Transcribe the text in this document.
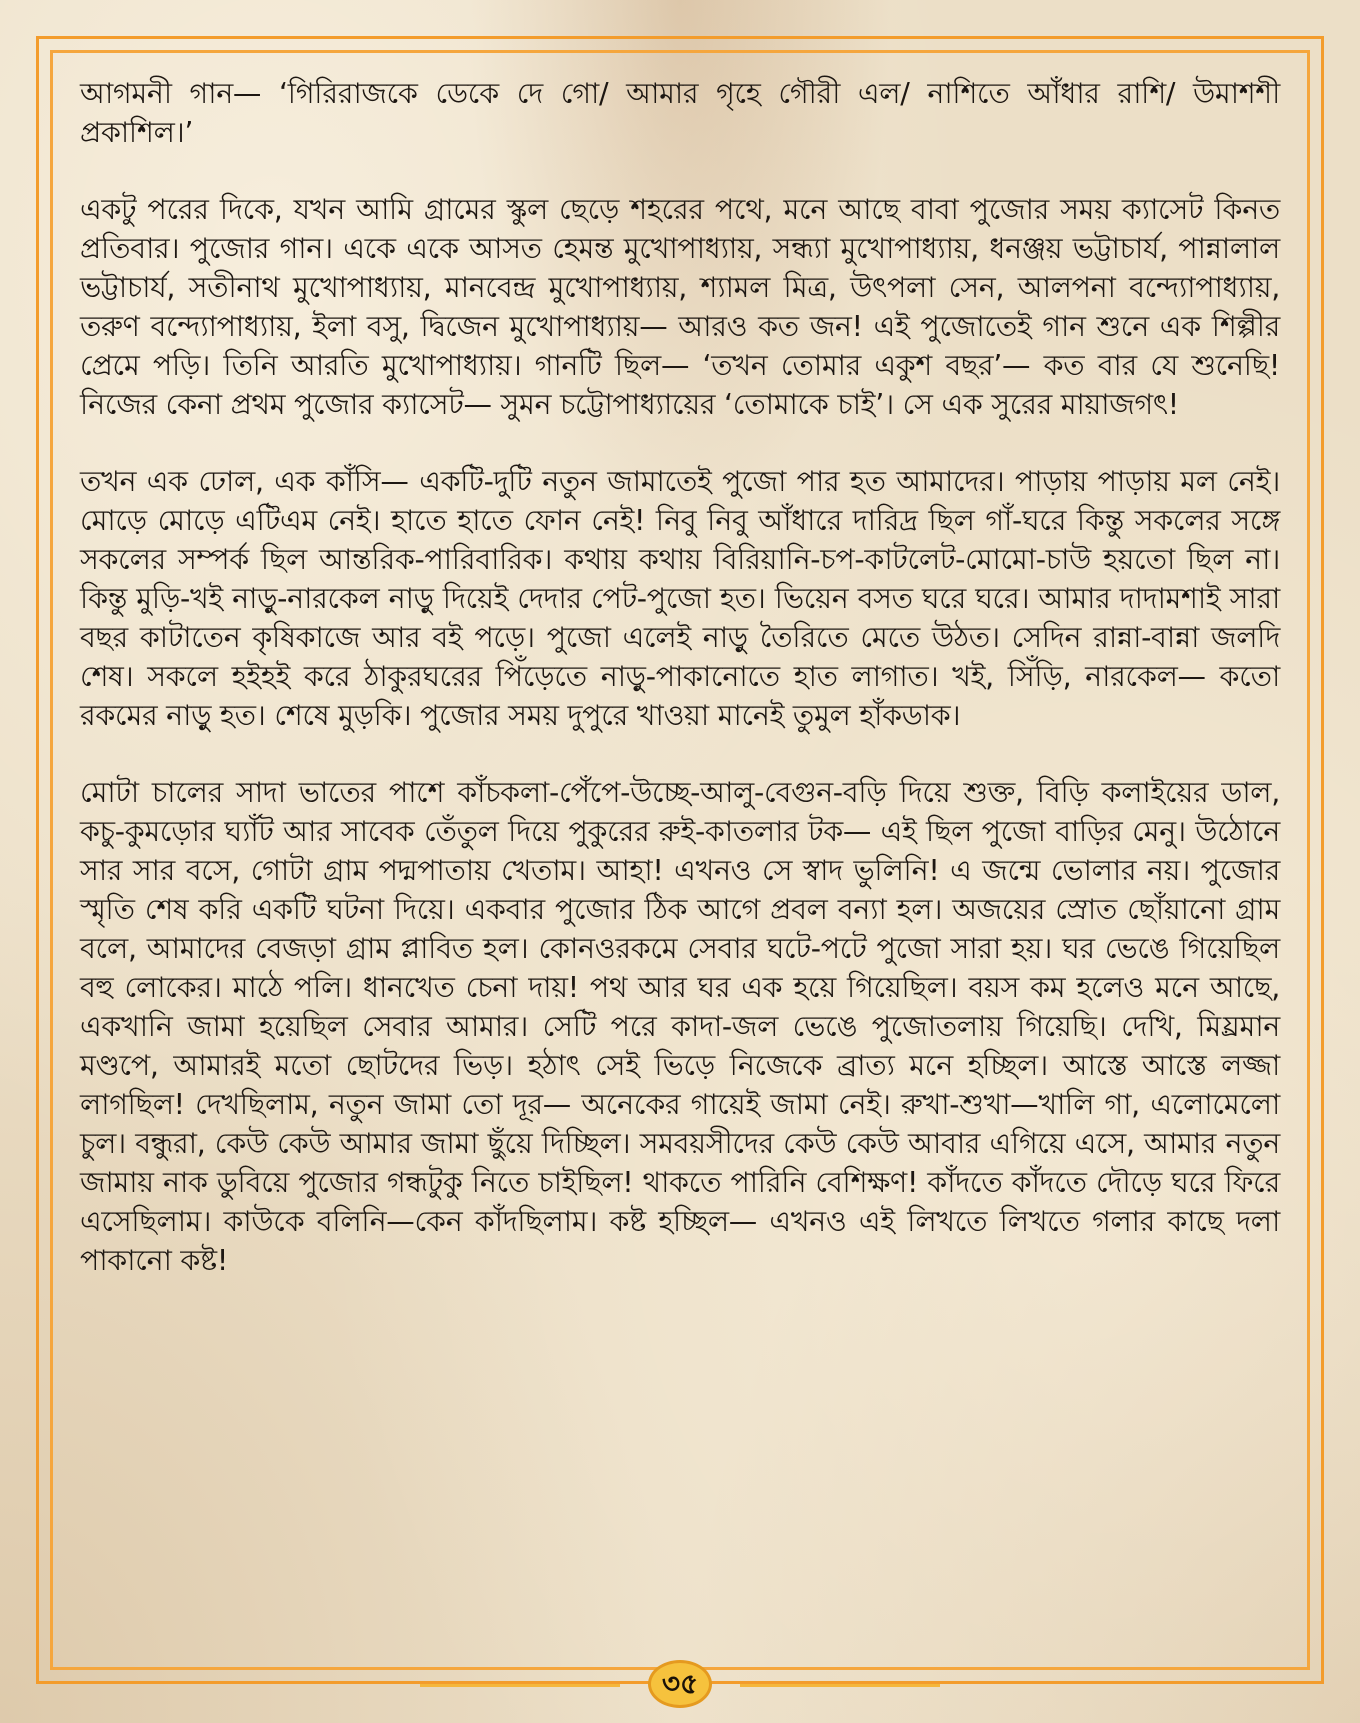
আগমনী গান— ‘গিরিরাজকে ডেকে দে গো/ আমার গৃহে গৌরী এল/ নাশিতে আঁধার রাশি/ উমাশশী প্রকাশিল।’

একটু পরের দিকে, যখন আমি গ্রামের স্কুল ছেড়ে শহরের পথে, মনে আছে বাবা পুজোর সময় ক্যাসেট কিনত প্রতিবার। পুজোর গান। একে একে আসত হেমন্ত মুখোপাধ্যায়, সন্ধ্যা মুখোপাধ্যায়, ধনঞ্জয় ভট্টাচার্য, পান্নালাল ভট্টাচার্য, সতীনাথ মুখোপাধ্যায়, মানবেন্দ্র মুখোপাধ্যায়, শ্যামল মিত্র, উৎপলা সেন, আলপনা বন্দ্যোপাধ্যায়, তরুণ বন্দ্যোপাধ্যায়, ইলা বসু, দ্বিজেন মুখোপাধ্যায়— আরও কত জন! এই পুজোতেই গান শুনে এক শিল্পীর প্রেমে পড়ি। তিনি আরতি মুখোপাধ্যায়। গানটি ছিল— ‘তখন তোমার একুশ বছর’— কত বার যে শুনেছি! নিজের কেনা প্রথম পুজোর ক্যাসেট— সুমন চট্টোপাধ্যায়ের ‘তোমাকে চাই’। সে এক সুরের মায়াজগৎ!

তখন এক ঢোল, এক কাঁসি— একটি-দুটি নতুন জামাতেই পুজো পার হত আমাদের। পাড়ায় পাড়ায় মল নেই। মোড়ে মোড়ে এটিএম নেই। হাতে হাতে ফোন নেই! নিবু নিবু আঁধারে দারিদ্র ছিল গাঁ-ঘরে কিন্তু সকলের সঙ্গে সকলের সম্পর্ক ছিল আন্তরিক-পারিবারিক। কথায় কথায় বিরিয়ানি-চপ-কাটলেট-মোমো-চাউ হয়তো ছিল না। কিন্তু মুড়ি-খই নাড়ু-নারকেল নাড়ু দিয়েই দেদার পেট-পুজো হত। ভিয়েন বসত ঘরে ঘরে। আমার দাদামশাই সারা বছর কাটাতেন কৃষিকাজে আর বই পড়ে। পুজো এলেই নাড়ু তৈরিতে মেতে উঠত। সেদিন রান্না-বান্না জলদি শেষ। সকলে হইহই করে ঠাকুরঘরের পিঁড়েতে নাড়ু-পাকানোতে হাত লাগাত। খই, সিঁড়ি, নারকেল— কতো রকমের নাড়ু হত। শেষে মুড়কি। পুজোর সময় দুপুরে খাওয়া মানেই তুমুল হাঁকডাক।

মোটা চালের সাদা ভাতের পাশে কাঁচকলা-পেঁপে-উচ্ছে-আলু-বেগুন-বড়ি দিয়ে শুক্ত, বিড়ি কলাইয়ের ডাল, কচু-কুমড়োর ঘ্যাঁট আর সাবেক তেঁতুল দিয়ে পুকুরের রুই-কাতলার টক— এই ছিল পুজো বাড়ির মেনু। উঠোনে সার সার বসে, গোটা গ্রাম পদ্মপাতায় খেতাম। আহা! এখনও সে স্বাদ ভুলিনি! এ জন্মে ভোলার নয়। পুজোর স্মৃতি শেষ করি একটি ঘটনা দিয়ে। একবার পুজোর ঠিক আগে প্রবল বন্যা হল। অজয়ের স্রোত ছোঁয়ানো গ্রাম বলে, আমাদের বেজড়া গ্রাম প্লাবিত হল। কোনওরকমে সেবার ঘটে-পটে পুজো সারা হয়। ঘর ভেঙে গিয়েছিল বহু লোকের। মাঠে পলি। ধানখেত চেনা দায়! পথ আর ঘর এক হয়ে গিয়েছিল। বয়স কম হলেও মনে আছে, একখানি জামা হয়েছিল সেবার আমার। সেটি পরে কাদা-জল ভেঙে পুজোতলায় গিয়েছি। দেখি, মিয়্রমান মণ্ডপে, আমারই মতো ছোটদের ভিড়। হঠাৎ সেই ভিড়ে নিজেকে ব্রাত্য মনে হচ্ছিল। আস্তে আস্তে লজ্জা লাগছিল! দেখছিলাম, নতুন জামা তো দূর— অনেকের গায়েই জামা নেই। রুখা-শুখা—খালি গা, এলোমেলো চুল। বন্ধুরা, কেউ কেউ আমার জামা ছুঁয়ে দিচ্ছিল। সমবয়সীদের কেউ কেউ আবার এগিয়ে এসে, আমার নতুন জামায় নাক ডুবিয়ে পুজোর গন্ধটুকু নিতে চাইছিল! থাকতে পারিনি বেশিক্ষণ! কাঁদতে কাঁদতে দৌড়ে ঘরে ফিরে এসেছিলাম। কাউকে বলিনি—কেন কাঁদছিলাম। কষ্ট হচ্ছিল— এখনও এই লিখতে লিখতে গলার কাছে দলা পাকানো কষ্ট!

৩৫
